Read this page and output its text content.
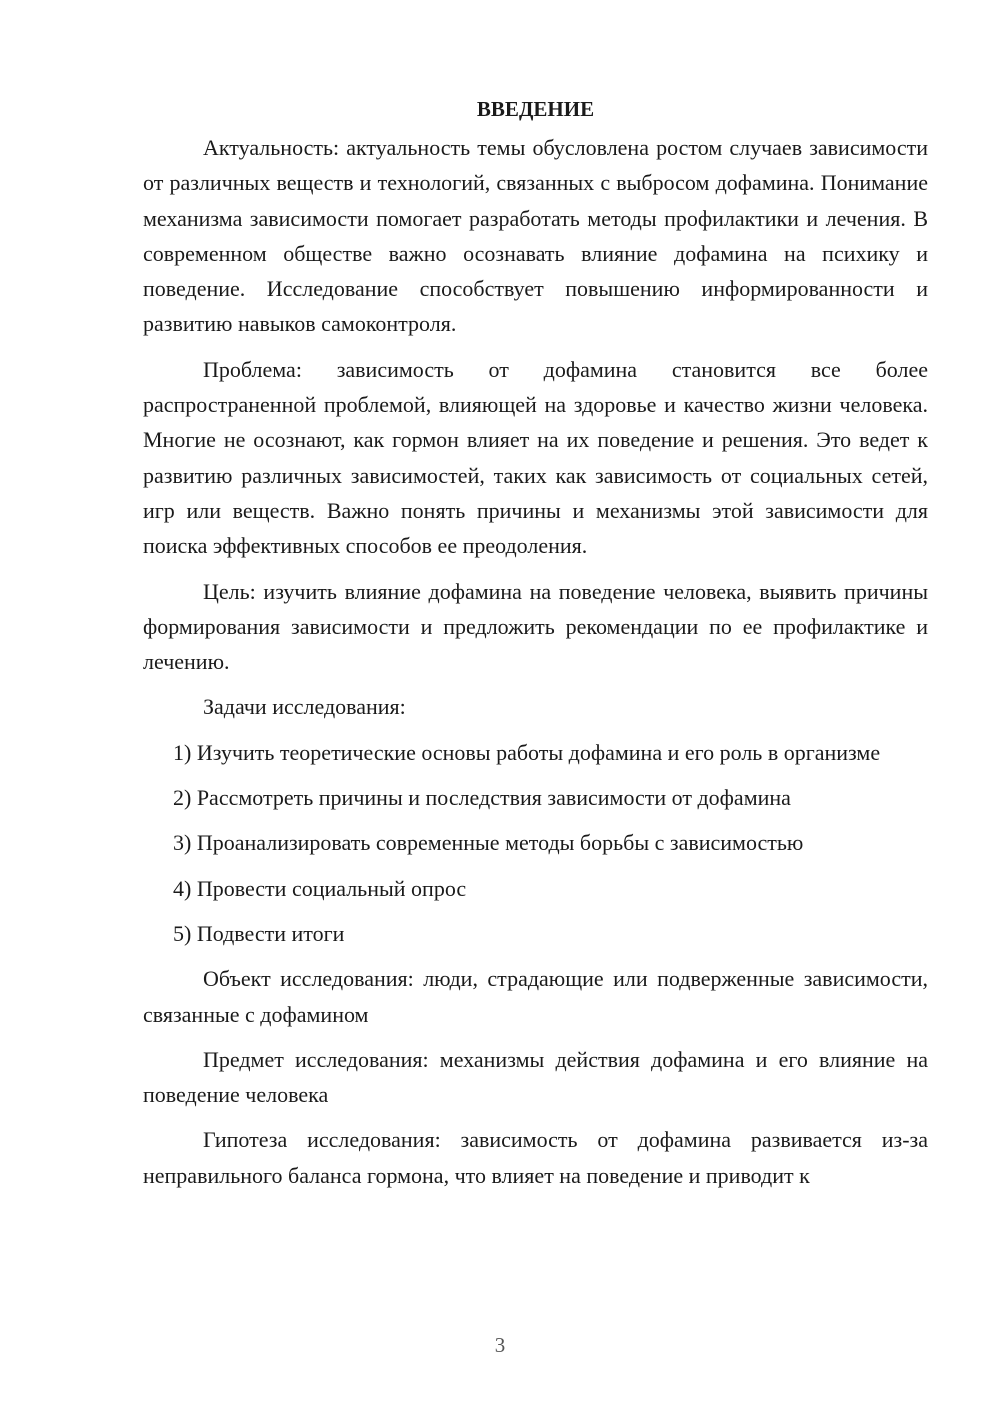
ВВЕДЕНИЕ

Актуальность: актуальность темы обусловлена ростом случаев зависимости от различных веществ и технологий, связанных с выбросом дофамина. Понимание механизма зависимости помогает разработать методы профилактики и лечения. В современном обществе важно осознавать влияние дофамина на психику и поведение. Исследование способствует повышению информированности и развитию навыков самоконтроля.

Проблема: зависимость от дофамина становится все более распространенной проблемой, влияющей на здоровье и качество жизни человека. Многие не осознают, как гормон влияет на их поведение и решения. Это ведет к развитию различных зависимостей, таких как зависимость от социальных сетей, игр или веществ. Важно понять причины и механизмы этой зависимости для поиска эффективных способов ее преодоления.

Цель: изучить влияние дофамина на поведение человека, выявить причины формирования зависимости и предложить рекомендации по ее профилактике и лечению.

Задачи исследования:

1) Изучить теоретические основы работы дофамина и его роль в организме

2) Рассмотреть причины и последствия зависимости от дофамина

3) Проанализировать современные методы борьбы с зависимостью

4) Провести социальный опрос

5) Подвести итоги

Объект исследования: люди, страдающие или подверженные зависимости, связанные с дофамином

Предмет исследования: механизмы действия дофамина и его влияние на поведение человека

Гипотеза исследования: зависимость от дофамина развивается из-за неправильного баланса гормона, что влияет на поведение и приводит к

3
